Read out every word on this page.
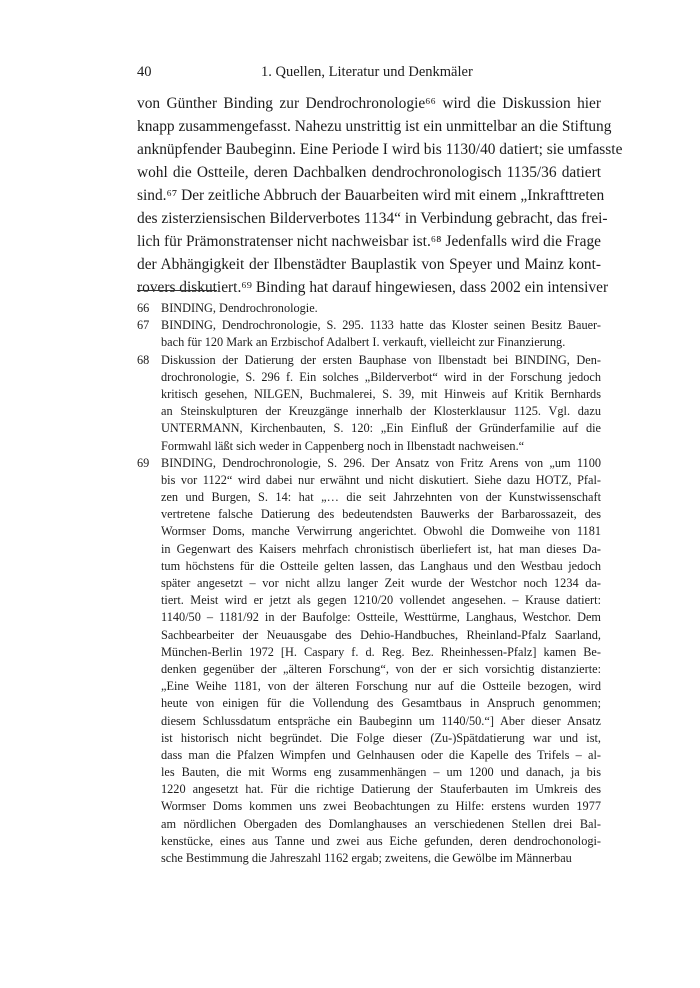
40	1. Quellen, Literatur und Denkmäler
von Günther Binding zur Dendrochronologie⁶⁶ wird die Diskussion hier
knapp zusammengefasst. Nahezu unstrittig ist ein unmittelbar an die Stiftung
anknüpfender Baubeginn. Eine Periode I wird bis 1130/40 datiert; sie umfasste
wohl die Ostteile, deren Dachbalken dendrochronologisch 1135/36 datiert
sind.⁶⁷ Der zeitliche Abbruch der Bauarbeiten wird mit einem „Inkrafttreten
des zisterziensischen Bilderverbotes 1134“ in Verbindung gebracht, das frei-
lich für Prämonstratenser nicht nachweisbar ist.⁶⁸ Jedenfalls wird die Frage
der Abhängigkeit der Ilbenstädter Bauplastik von Speyer und Mainz kont-
rovers diskutiert.⁶⁹ Binding hat darauf hingewiesen, dass 2002 ein intensiver
66 BINDING, Dendrochronologie.
67 BINDING, Dendrochronologie, S. 295. 1133 hatte das Kloster seinen Besitz Bauer-
bach für 120 Mark an Erzbischof Adalbert I. verkauft, vielleicht zur Finanzierung.
68 Diskussion der Datierung der ersten Bauphase von Ilbenstadt bei BINDING, Den-
drochronologie, S. 296 f. Ein solches „Bilderverbot“ wird in der Forschung jedoch
kritisch gesehen, NILGEN, Buchmalerei, S. 39, mit Hinweis auf Kritik Bernhards
an Steinskulpturen der Kreuzgänge innerhalb der Klosterklausur 1125. Vgl. dazu
UNTERMANN, Kirchenbauten, S. 120: „Ein Einfluß der Gründerfamilie auf die
Formwahl läßt sich weder in Cappenberg noch in Ilbenstadt nachweisen.“
69 BINDING, Dendrochronologie, S. 296. Der Ansatz von Fritz Arens von „um 1100
bis vor 1122“ wird dabei nur erwähnt und nicht diskutiert. Siehe dazu HOTZ, Pfal-
zen und Burgen, S. 14: hat „… die seit Jahrzehnten von der Kunstwissenschaft
vertretene falsche Datierung des bedeutendsten Bauwerks der Barbarossazeit, des
Wormser Doms, manche Verwirrung angerichtet. Obwohl die Domweihe von 1181
in Gegenwart des Kaisers mehrfach chronistisch überliefert ist, hat man dieses Da-
tum höchstens für die Ostteile gelten lassen, das Langhaus und den Westbau jedoch
später angesetzt – vor nicht allzu langer Zeit wurde der Westchor noch 1234 da-
tiert. Meist wird er jetzt als gegen 1210/20 vollendet angesehen. – Krause datiert:
1140/50 – 1181/92 in der Baufolge: Ostteile, Westtürme, Langhaus, Westchor. Dem
Sachbearbeiter der Neuausgabe des Dehio-Handbuches, Rheinland-Pfalz Saarland,
München-Berlin 1972 [H. Caspary f. d. Reg. Bez. Rheinhessen-Pfalz] kamen Be-
denken gegenüber der „älteren Forschung“, von der er sich vorsichtig distanzierte:
„Eine Weihe 1181, von der älteren Forschung nur auf die Ostteile bezogen, wird
heute von einigen für die Vollendung des Gesamtbaus in Anspruch genommen;
diesem Schlussdatum entspräche ein Baubeginn um 1140/50.“] Aber dieser Ansatz
ist historisch nicht begründet. Die Folge dieser (Zu-)Spätdatierung war und ist,
dass man die Pfalzen Wimpfen und Gelnhausen oder die Kapelle des Trifels – al-
les Bauten, die mit Worms eng zusammenhängen – um 1200 und danach, ja bis
1220 angesetzt hat. Für die richtige Datierung der Stauferbauten im Umkreis des
Wormser Doms kommen uns zwei Beobachtungen zu Hilfe: erstens wurden 1977
am nördlichen Obergaden des Domlanghauses an verschiedenen Stellen drei Bal-
kenstücke, eines aus Tanne und zwei aus Eiche gefunden, deren dendrochonologi-
sche Bestimmung die Jahreszahl 1162 ergab; zweitens, die Gewölbe im Männerbau
